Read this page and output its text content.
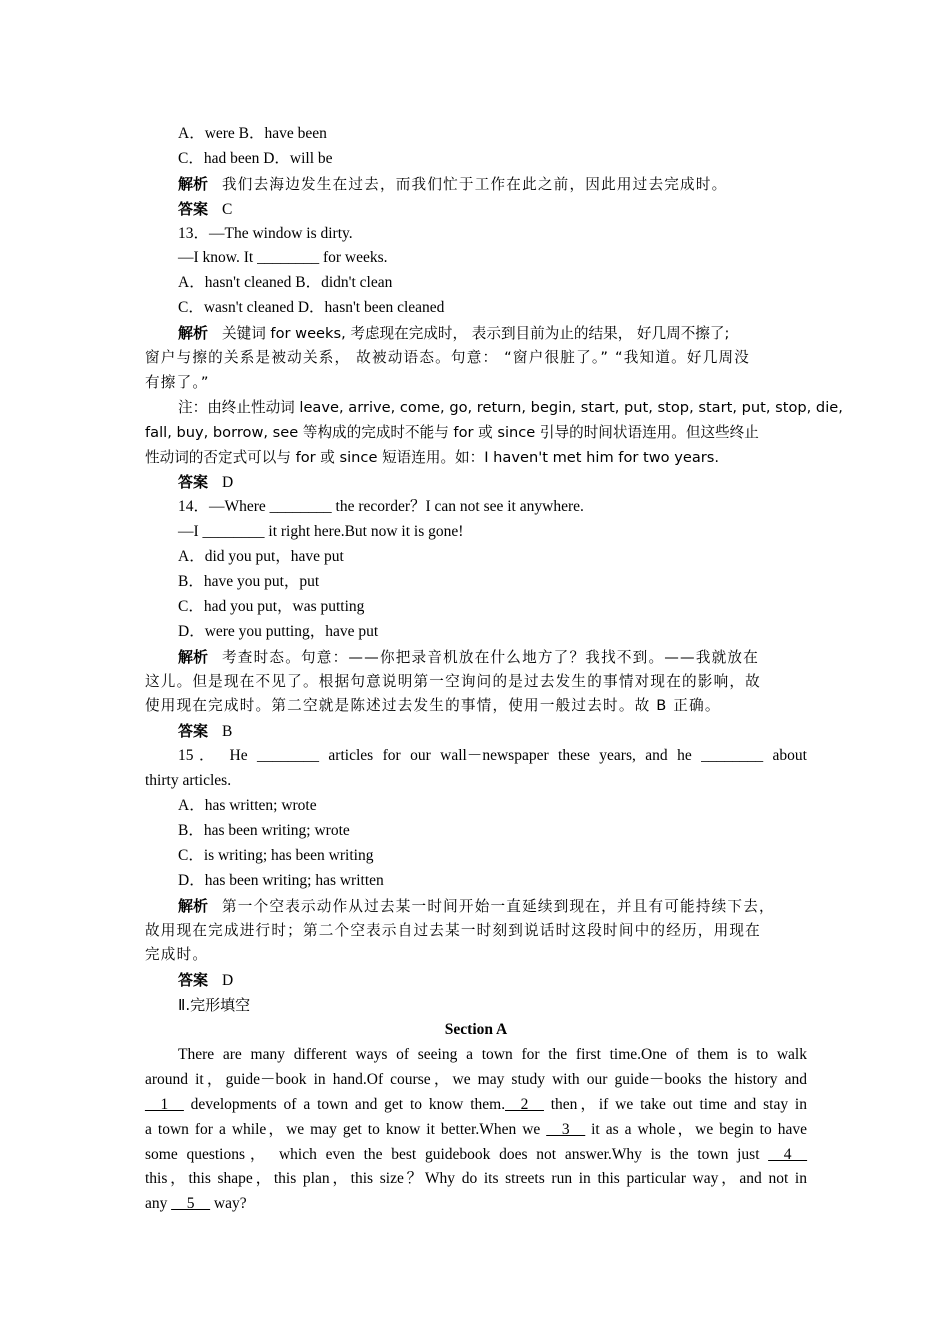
A．were B．have been
C．had been D．will be
解析 我们去海边发生在过去，而我们忙于工作在此之前，因此用过去完成时。
答案 C
13．—The window is dirty.
—I know. It ________ for weeks.
A．hasn't cleaned B．didn't clean
C．wasn't cleaned D．hasn't been cleaned
解析 关键词 for weeks, 考虑现在完成时， 表示到目前为止的结果， 好几周不擦了;
窗户与擦的关系是被动关系， 故被动语态。句意： “窗户很脏了。” “我知道。好几周没
有擦了。”
注：由终止性动词 leave, arrive, come, go, return, begin, start, put, stop, start, put, stop, die,
fall, buy, borrow, see 等构成的完成时不能与 for 或 since 引导的时间状语连用。但这些终止
性动词的否定式可以与 for 或 since 短语连用。如：I haven't met him for two years.
答案 D
14．—Where ________ the recorder？I can not see it anywhere.
—I ________ it right here.But now it is gone!
A．did you put，have put
B．have you put，put
C．had you put，was putting
D．were you putting，have put
解析 考查时态。句意：——你把录音机放在什么地方了？我找不到。——我就放在
这儿。但是现在不见了。根据句意说明第一空询问的是过去发生的事情对现在的影响，故
使用现在完成时。第二空就是陈述过去发生的事情，使用一般过去时。故 B 正确。
答案 B
15． He ________ articles for our wall－newspaper these years, and he ________ about
thirty articles.
A．has written; wrote
B．has been writing; wrote
C．is writing; has been writing
D．has been writing; has written
解析 第一个空表示动作从过去某一时间开始一直延续到现在，并且有可能持续下去，
故用现在完成进行时；第二个空表示自过去某一时刻到说话时这段时间中的经历，用现在
完成时。
答案 D
Ⅱ.完形填空
Section A
There are many different ways of seeing a town for the first time.One of them is to walk
around it，guide－book in hand.Of course，we may study with our guide－books the history and
__1__ developments of a town and get to know them.__2__ then，if we take out time and stay in
a town for a while，we may get to know it better.When we __3__ it as a whole，we begin to have
some questions， which even the best guidebook does not answer.Why is the town just __4__
this，this shape，this plan，this size？Why do its streets run in this particular way，and not in
any __5__ way?
